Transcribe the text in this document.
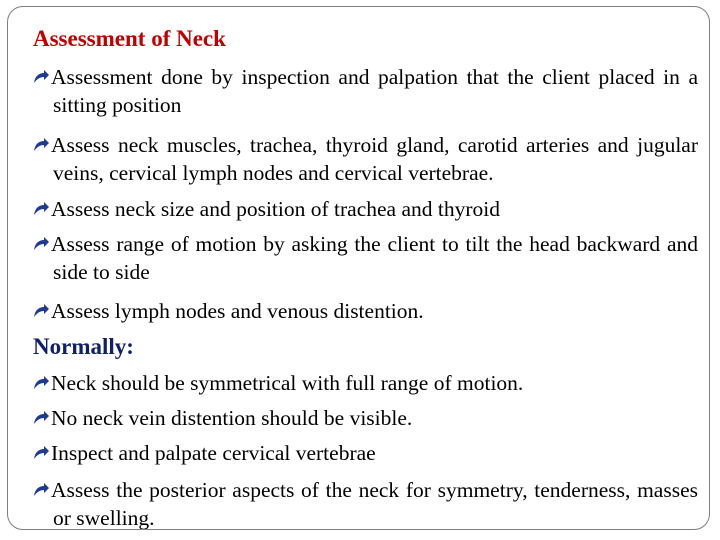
Assessment of Neck
Assessment done by inspection and palpation that the client placed in a sitting position
Assess neck muscles, trachea, thyroid gland, carotid arteries and jugular veins, cervical lymph nodes and cervical vertebrae.
Assess neck size and position of trachea and thyroid
Assess range of motion by asking the client to tilt the head backward and side to side
Assess lymph nodes and venous distention.
Normally:
Neck should be symmetrical with full range of motion.
No neck vein distention should be visible.
Inspect and palpate cervical vertebrae
Assess the posterior aspects of the neck for symmetry, tenderness, masses or swelling.
